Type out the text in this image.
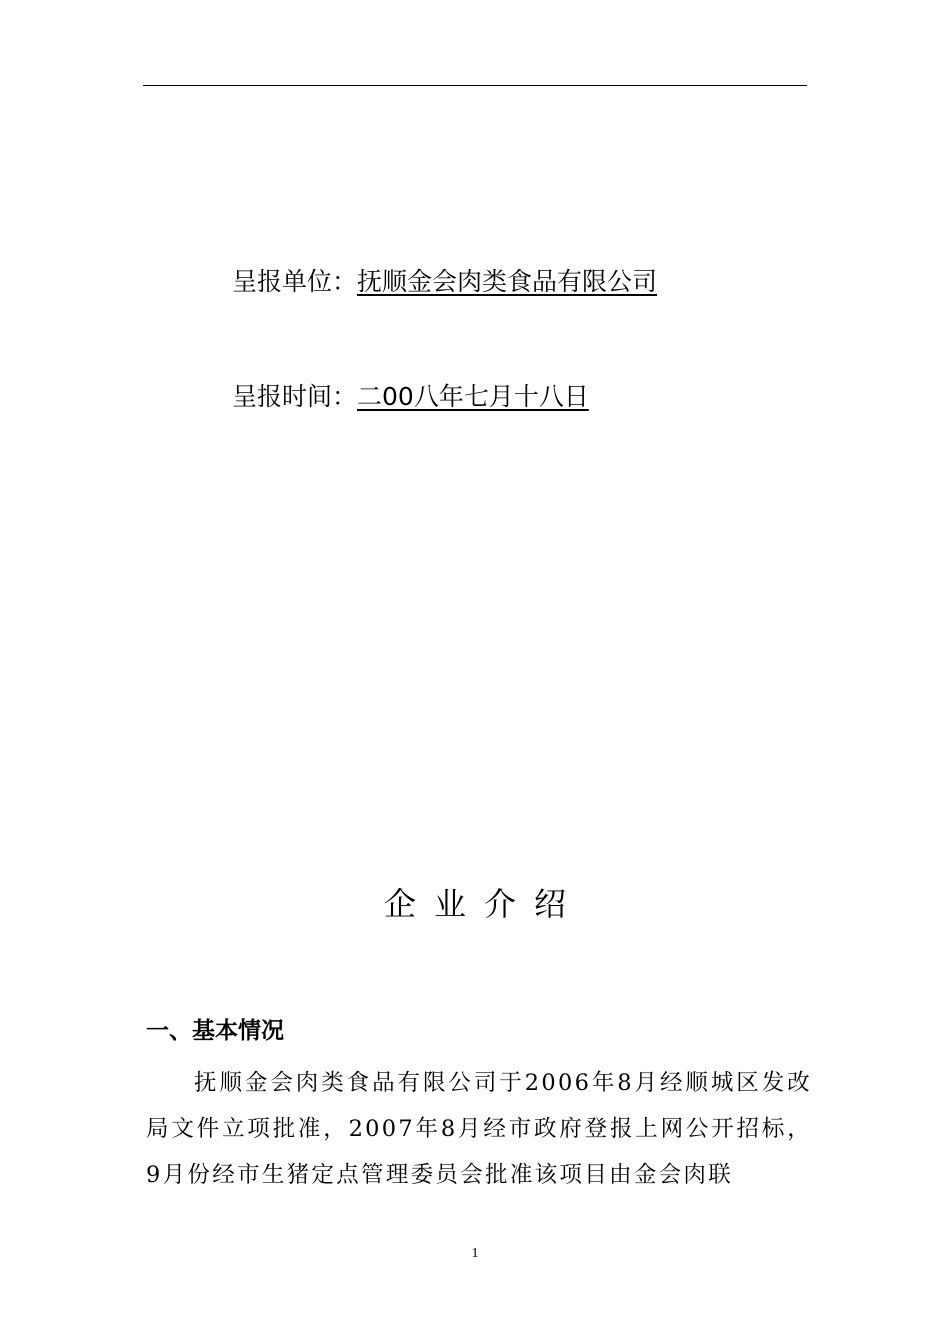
呈报单位：抚顺金会肉类食品有限公司
呈报时间：二00八年七月十八日
企业介绍
一、基本情况

抚顺金会肉类食品有限公司于2006年8月经顺城区发改局文件立项批准，2007年8月经市政府登报上网公开招标，9月份经市生猪定点管理委员会批准该项目由金会肉联

1
